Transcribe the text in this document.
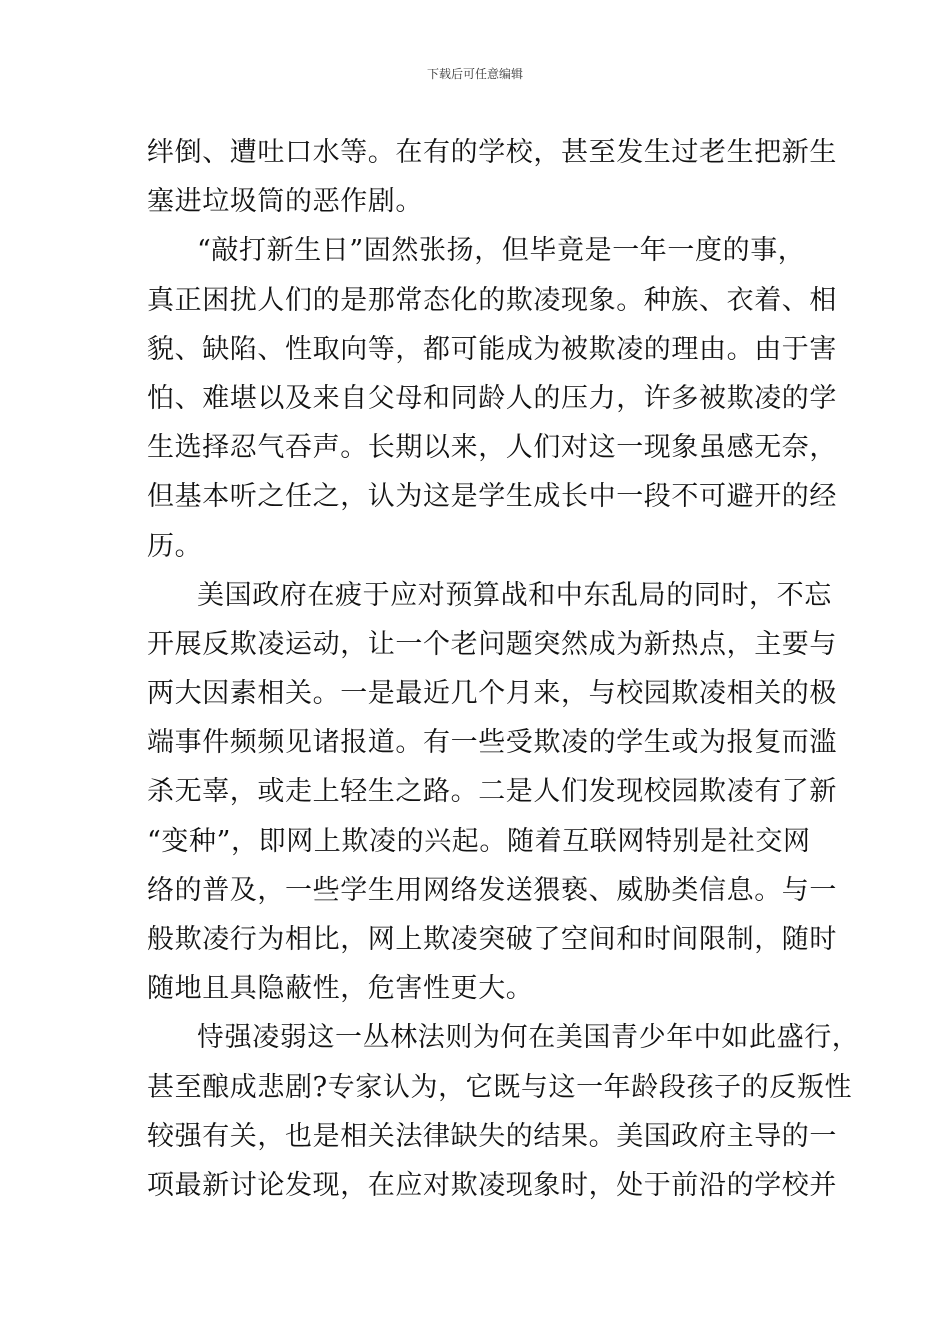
下载后可任意编辑
绊倒、遭吐口水等。在有的学校，甚至发生过老生把新生
塞进垃圾筒的恶作剧。
“敲打新生日”固然张扬，但毕竟是一年一度的事，
真正困扰人们的是那常态化的欺凌现象。种族、衣着、相
貌、缺陷、性取向等，都可能成为被欺凌的理由。由于害
怕、难堪以及来自父母和同龄人的压力，许多被欺凌的学
生选择忍气吞声。长期以来，人们对这一现象虽感无奈，
但基本听之任之，认为这是学生成长中一段不可避开的经
历。
美国政府在疲于应对预算战和中东乱局的同时，不忘
开展反欺凌运动，让一个老问题突然成为新热点，主要与
两大因素相关。一是最近几个月来，与校园欺凌相关的极
端事件频频见诸报道。有一些受欺凌的学生或为报复而滥
杀无辜，或走上轻生之路。二是人们发现校园欺凌有了新
“变种”，即网上欺凌的兴起。随着互联网特别是社交网
络的普及，一些学生用网络发送猥亵、威胁类信息。与一
般欺凌行为相比，网上欺凌突破了空间和时间限制，随时
随地且具隐蔽性，危害性更大。
恃强凌弱这一丛林法则为何在美国青少年中如此盛行，
甚至酿成悲剧?专家认为，它既与这一年龄段孩子的反叛性
较强有关，也是相关法律缺失的结果。美国政府主导的一
项最新讨论发现，在应对欺凌现象时，处于前沿的学校并
